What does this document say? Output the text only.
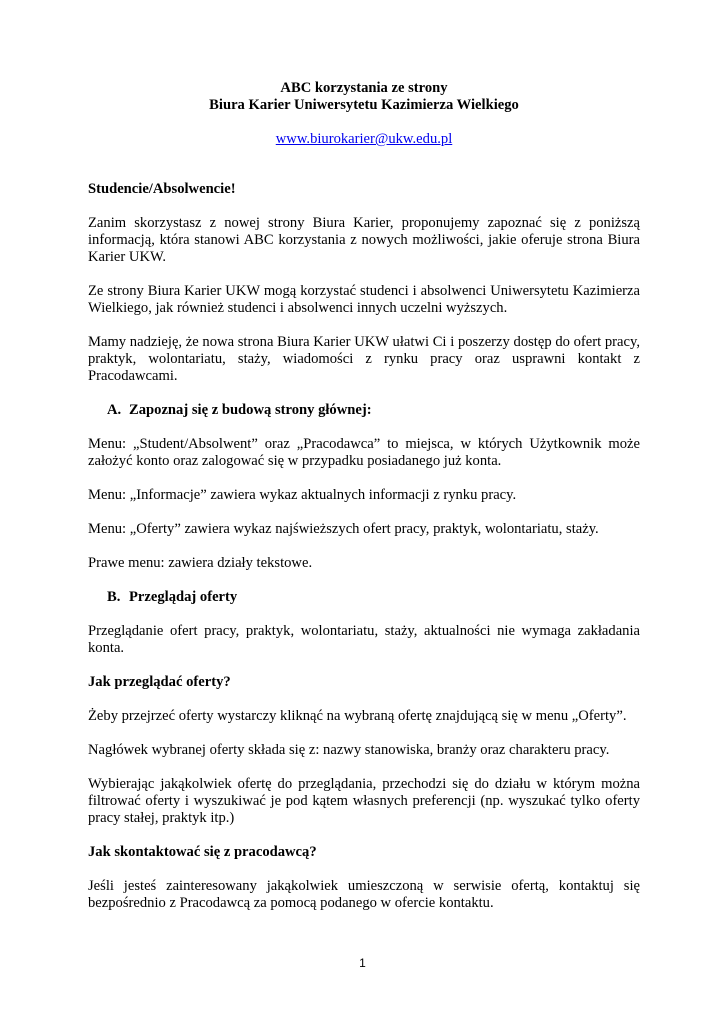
ABC korzystania ze strony

Biura Karier Uniwersytetu Kazimierza Wielkiego

www.biurokarier@ukw.edu.pl

Studencie/Absolwencie!

Zanim skorzystasz z nowej strony Biura Karier, proponujemy zapoznać się z poniższą informacją, która stanowi ABC korzystania z nowych możliwości, jakie oferuje strona Biura Karier UKW.

Ze strony Biura Karier UKW mogą korzystać studenci i absolwenci Uniwersytetu Kazimierza Wielkiego, jak również studenci i absolwenci innych uczelni wyższych.

Mamy nadzieję, że nowa strona Biura Karier UKW ułatwi Ci i poszerzy dostęp do ofert pracy, praktyk, wolontariatu, staży, wiadomości z rynku pracy oraz usprawni kontakt z Pracodawcami.

A. Zapoznaj się z budową strony głównej:

Menu: „Student/Absolwent” oraz „Pracodawca” to miejsca, w których Użytkownik może założyć konto oraz zalogować się w przypadku posiadanego już konta.

Menu: „Informacje” zawiera wykaz aktualnych informacji z rynku pracy.

Menu: „Oferty” zawiera wykaz najświeższych ofert pracy, praktyk, wolontariatu, staży.

Prawe menu: zawiera działy tekstowe.

B. Przeglądaj oferty

Przeglądanie ofert pracy, praktyk, wolontariatu, staży, aktualności nie wymaga zakładania konta.

Jak przeglądać oferty?

Żeby przejrzeć oferty wystarczy kliknąć na wybraną ofertę znajdującą się w menu „Oferty”.

Nagłówek wybranej oferty składa się z: nazwy stanowiska, branży oraz charakteru pracy.

Wybierając jakąkolwiek ofertę do przeglądania, przechodzi się do działu w którym można filtrować oferty i wyszukiwać je pod kątem własnych preferencji (np. wyszukać tylko oferty pracy stałej, praktyk itp.)

Jak skontaktować się z pracodawcą?

Jeśli jesteś zainteresowany jakąkolwiek umieszczoną w serwisie ofertą, kontaktuj się bezpośrednio z Pracodawcą za pomocą podanego w ofercie kontaktu.

1
